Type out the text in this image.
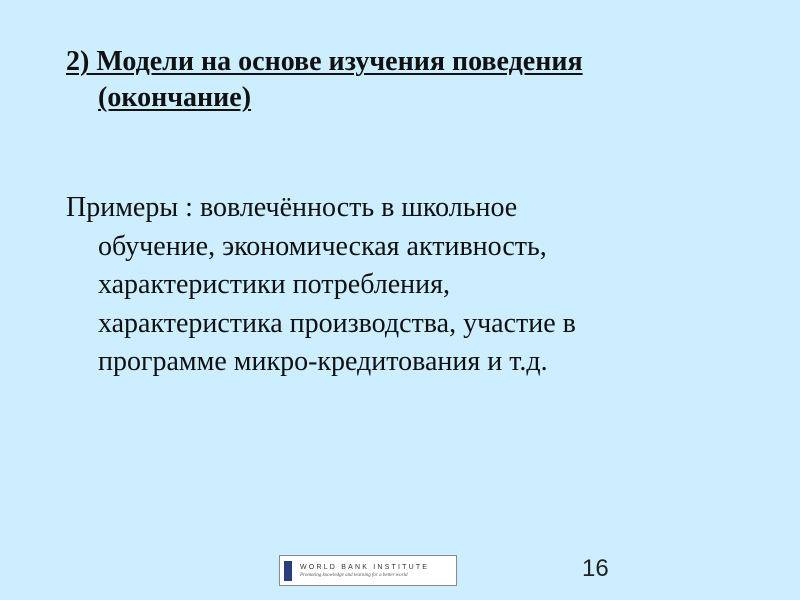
2) Модели на основе изучения поведения
(окончание)

Примеры : вовлечённость в школьное
обучение, экономическая активность,
характеристики потребления,
характеристика производства, участие в
программе микро-кредитования и т.д.

WORLD BANK INSTITUTE
Promoting knowledge and learning for a better world	16
